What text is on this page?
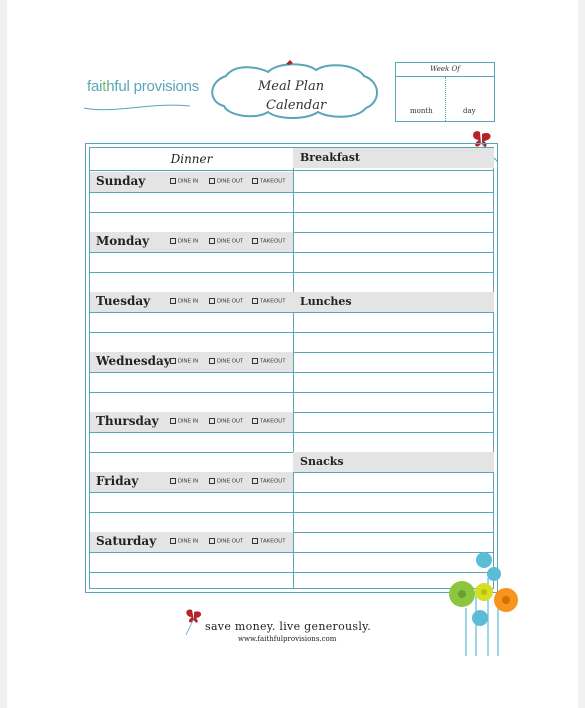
faithful provisions	Meal Plan
Calendar
Week Of
month	day
Dinner
Sunday	DINE IN	DINE OUT	TAKEOUT
Monday	DINE IN	DINE OUT	TAKEOUT
Tuesday	DINE IN	DINE OUT	TAKEOUT
Wednesday	DINE IN	DINE OUT	TAKEOUT
Thursday	DINE IN	DINE OUT	TAKEOUT
Friday	DINE IN	DINE OUT	TAKEOUT
Saturday	DINE IN	DINE OUT	TAKEOUT
Breakfast
Lunches
Snacks
save money. live generously.
www.faithfulprovisions.com
